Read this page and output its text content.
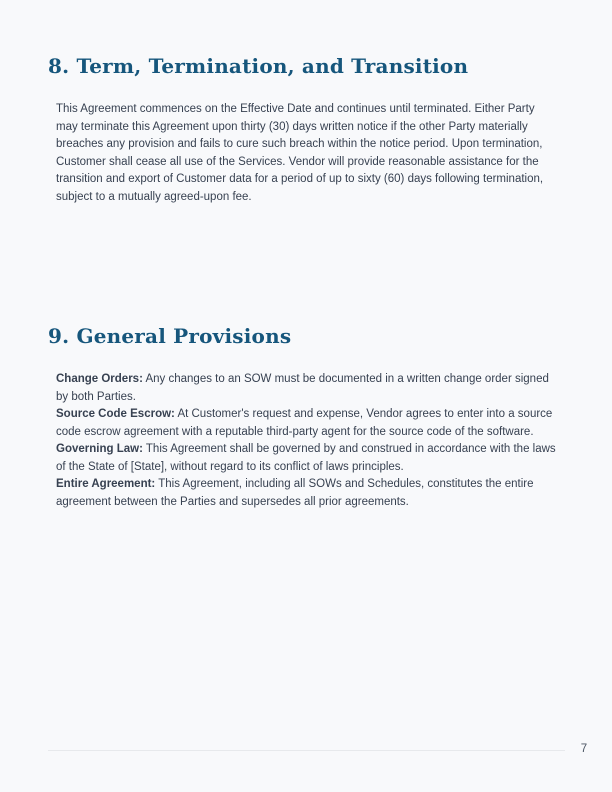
8. Term, Termination, and Transition

This Agreement commences on the Effective Date and continues until terminated. Either Party may terminate this Agreement upon thirty (30) days written notice if the other Party materially breaches any provision and fails to cure such breach within the notice period. Upon termination, Customer shall cease all use of the Services. Vendor will provide reasonable assistance for the transition and export of Customer data for a period of up to sixty (60) days following termination, subject to a mutually agreed-upon fee.

9. General Provisions

Change Orders: Any changes to an SOW must be documented in a written change order signed by both Parties.

Source Code Escrow: At Customer's request and expense, Vendor agrees to enter into a source code escrow agreement with a reputable third-party agent for the source code of the software.

Governing Law: This Agreement shall be governed by and construed in accordance with the laws of the State of [State], without regard to its conflict of laws principles.

Entire Agreement: This Agreement, including all SOWs and Schedules, constitutes the entire agreement between the Parties and supersedes all prior agreements.

7
